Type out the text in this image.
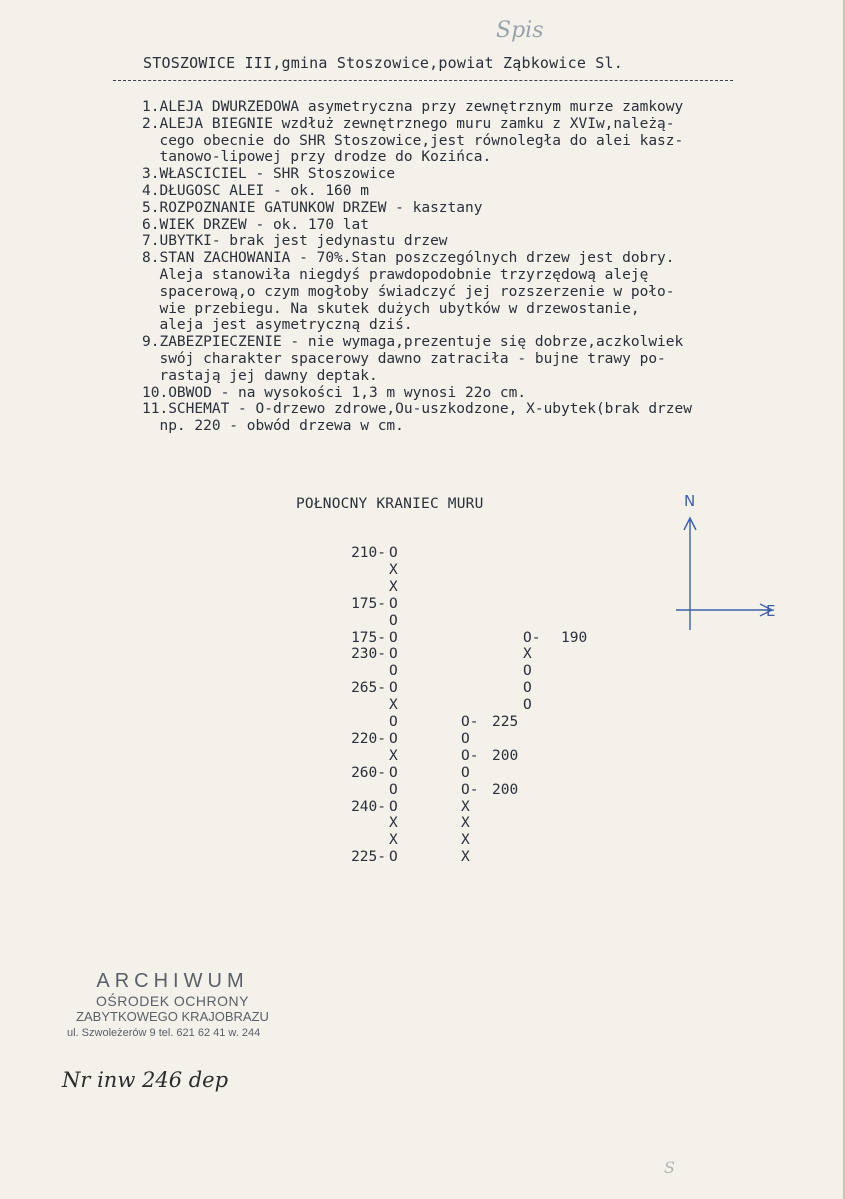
Spis
STOSZOWICE III,gmina Stoszowice,powiat Ząbkowice Sl.
1.ALEJA DWURZEDOWA asymetryczna przy zewnętrznym murze zamkowy
2.ALEJA BIEGNIE wzdłuż zewnętrznego muru zamku z XVIw,należą-
cego obecnie do SHR Stoszowice,jest równoległa do alei kasz-
tanowo-lipowej przy drodze do Kozińca.
3.WŁASCICIEL - SHR Stoszowice
4.DŁUGOSC ALEI - ok. 160 m
5.ROZPOZNANIE GATUNKOW DRZEW - kasztany
6.WIEK DRZEW - ok. 170 lat
7.UBYTKI- brak jest jedynastu drzew
8.STAN ZACHOWANIA - 70%.Stan poszczególnych drzew jest dobry.
Aleja stanowiła niegdyś prawdopodobnie trzyrzędową aleję
spacerową,o czym mogłoby świadczyć jej rozszerzenie w poło-
wie przebiegu. Na skutek dużych ubytków w drzewostanie,
aleja jest asymetryczną dziś.
9.ZABEZPIECZENIE - nie wymaga,prezentuje się dobrze,aczkolwiek
swój charakter spacerowy dawno zatraciła - bujne trawy po-
rastają jej dawny deptak.
10.OBWOD - na wysokości 1,3 m wynosi 22o cm.
11.SCHEMAT - O-drzewo zdrowe,Ou-uszkodzone, X-ubytek(brak drzew
np. 220 - obwód drzewa w cm.
POŁNOCNY KRANIEC MURU	N
E
210- O
X
X
175- O
O
175- O
230- O
O
265- O
X
O
220- O
X
260- O
O
240- O
X
X
225- O
O- 225
O
O- 200
O
O- 200
X
X
X
X
O- 190
X
O
O
O
ARCHIWUM
OŚRODEK OCHRONY
ZABYTKOWEGO KRAJOBRAZU
ul. Szwoleżerów 9 tel. 621 62 41 w. 244
Nr inw 246 dep
S
